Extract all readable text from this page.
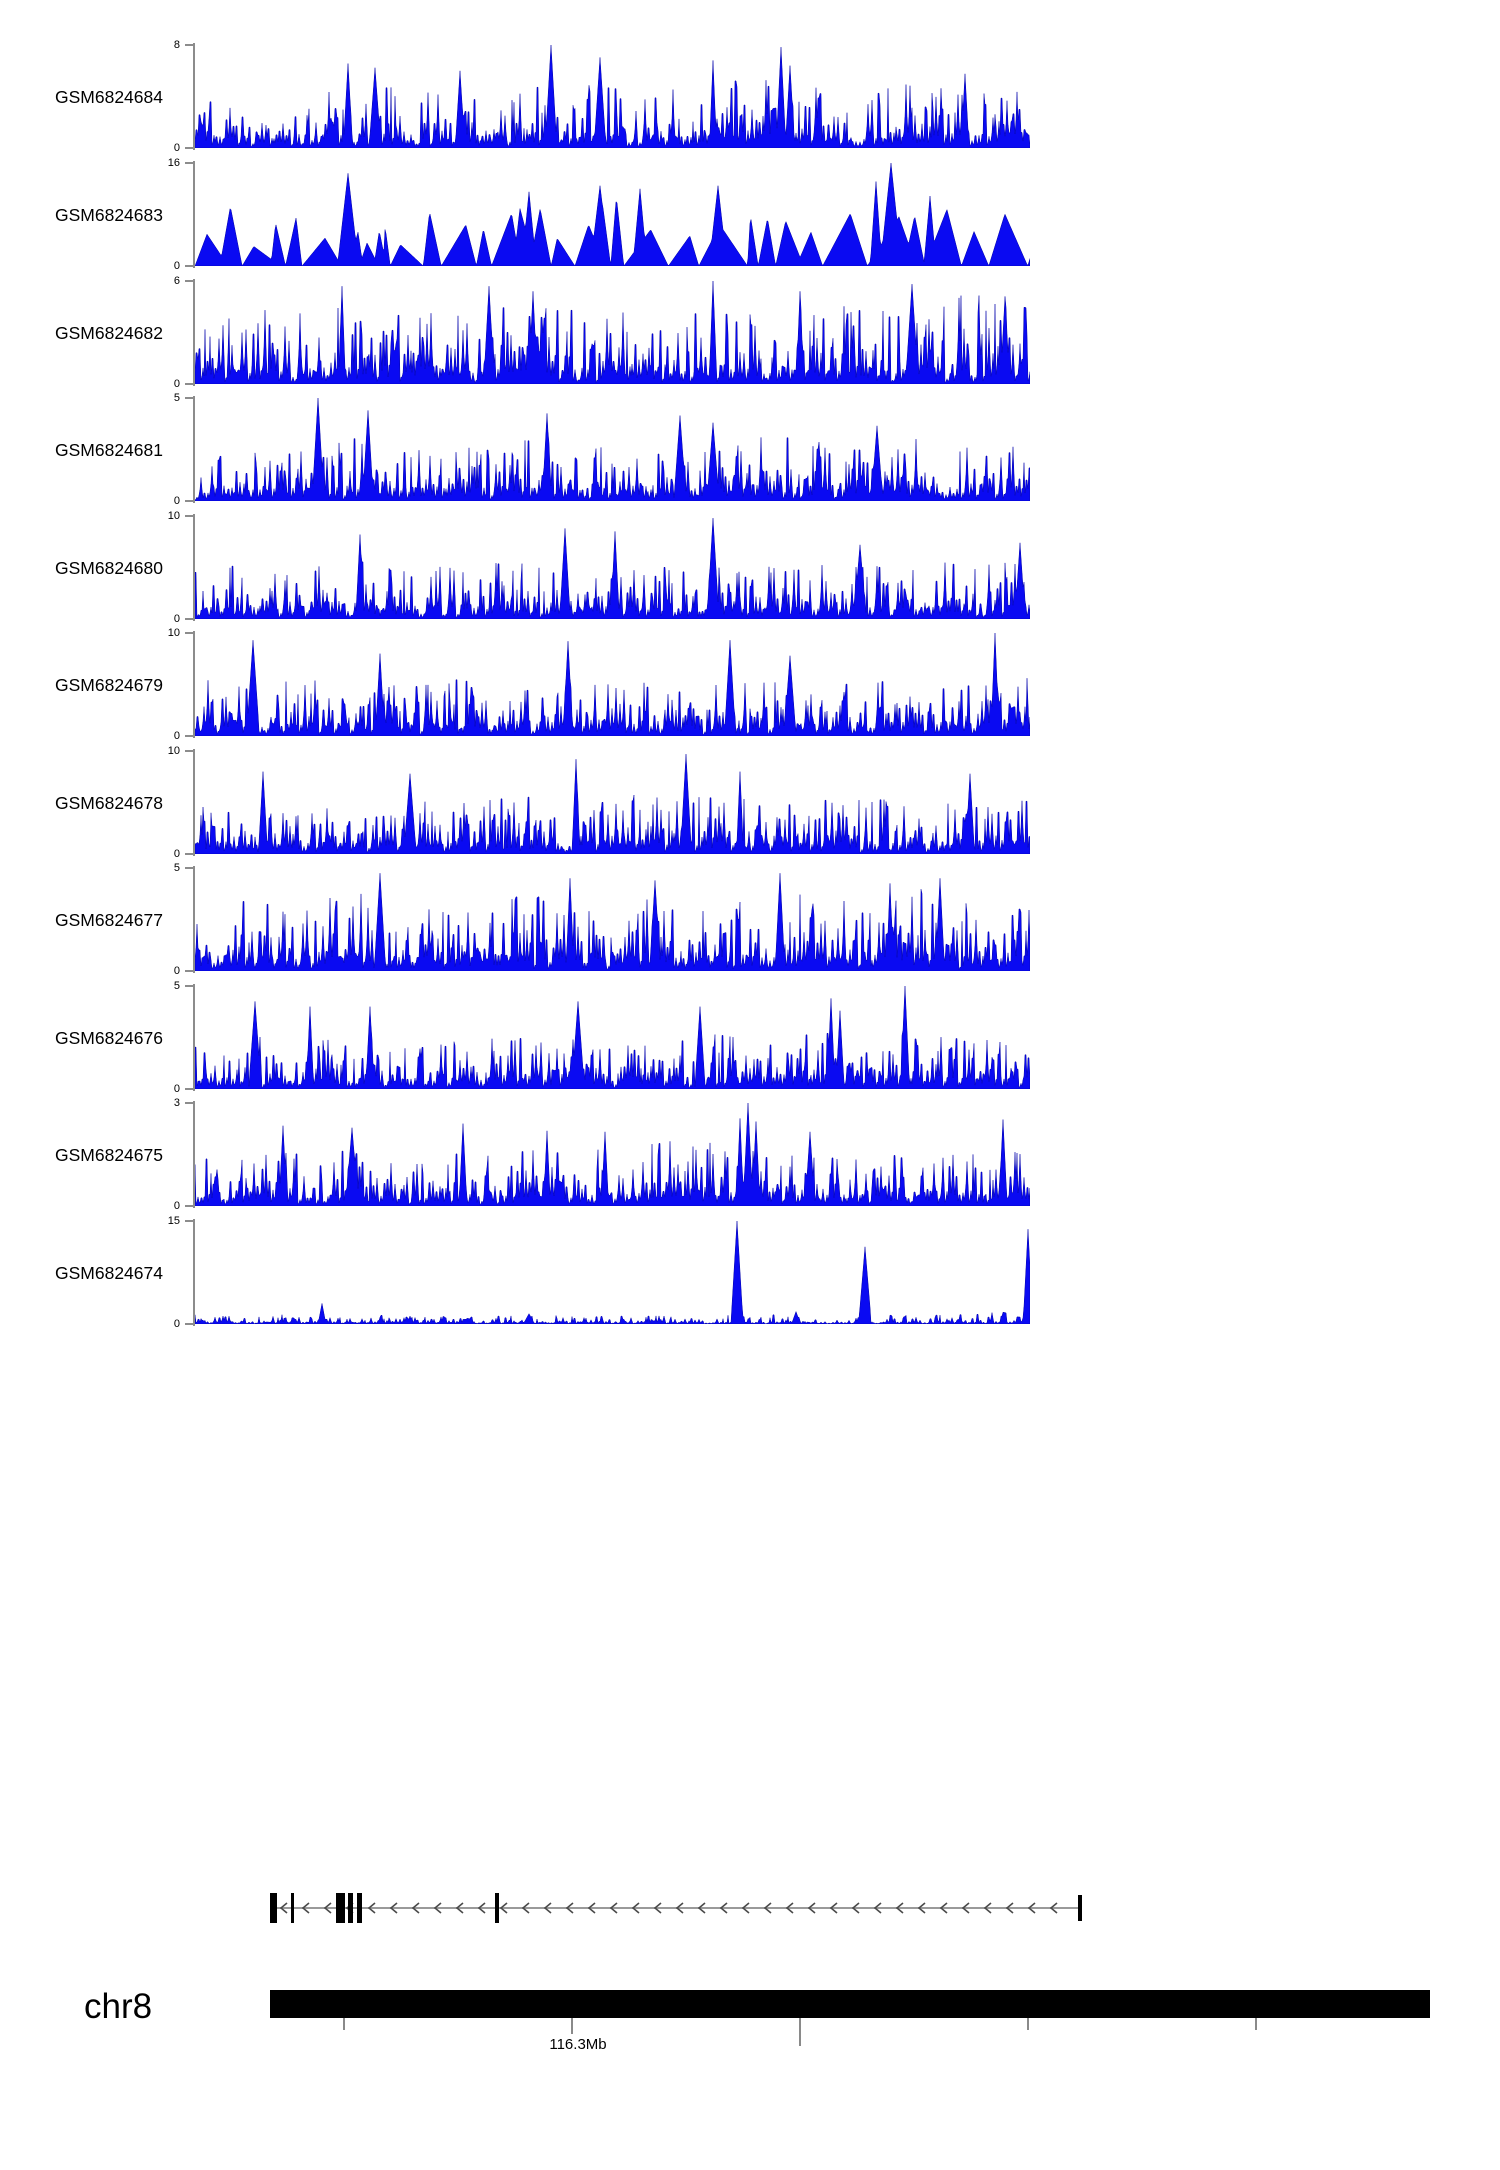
GSM6824684
8
0
GSM6824683
16
0
GSM6824682
6
0
GSM6824681
5
0
GSM6824680
10
0
GSM6824679
10
0
GSM6824678
10
0
GSM6824677
5
0
GSM6824676
5
0
GSM6824675
3
0
GSM6824674
15
0
chr8
116.3Mb
